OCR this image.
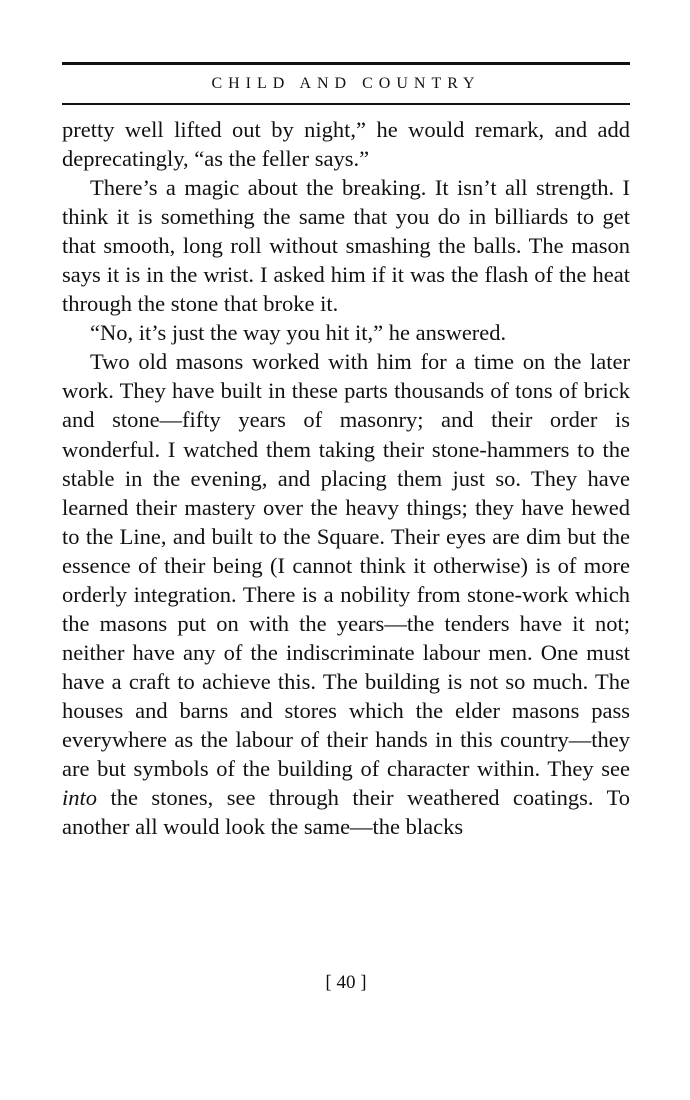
CHILD AND COUNTRY

pretty well lifted out by night,” he would remark, and add deprecatingly, “as the feller says.”

There’s a magic about the breaking. It isn’t all strength. I think it is something the same that you do in billiards to get that smooth, long roll without smashing the balls. The mason says it is in the wrist. I asked him if it was the flash of the heat through the stone that broke it.

“No, it’s just the way you hit it,” he answered.

Two old masons worked with him for a time on the later work. They have built in these parts thousands of tons of brick and stone—fifty years of masonry; and their order is wonderful. I watched them taking their stone-hammers to the stable in the evening, and placing them just so. They have learned their mastery over the heavy things; they have hewed to the Line, and built to the Square. Their eyes are dim but the essence of their being (I cannot think it otherwise) is of more orderly integration. There is a nobility from stone-work which the masons put on with the years—the tenders have it not; neither have any of the indiscriminate labour men. One must have a craft to achieve this. The building is not so much. The houses and barns and stores which the elder masons pass everywhere as the labour of their hands in this country—they are but symbols of the building of character within. They see into the stones, see through their weathered coatings. To another all would look the same—the blacks

[ 40 ]
